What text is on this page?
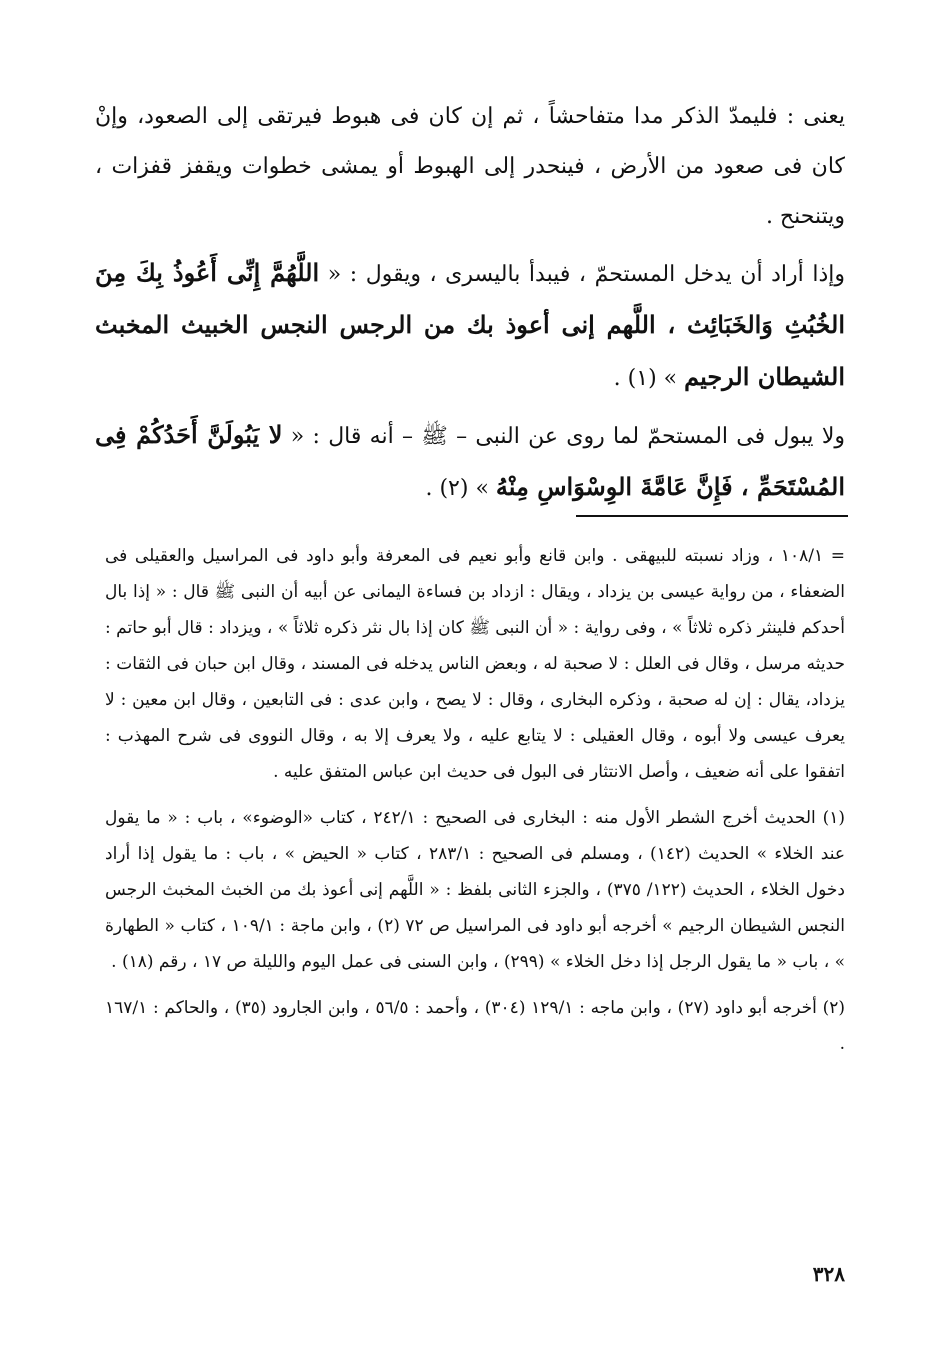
يعنى : فليمدّ الذكر مدا متفاحشاً ، ثم إن كان فى هبوط فيرتقى إلى الصعود، وإنْ كان فى صعود من الأرض ، فينحدر إلى الهبوط أو يمشى خطوات ويقفز قفزات ، ويتنحنح .

وإذا أراد أن يدخل المستحمّ ، فيبدأ باليسرى ، ويقول : « اللَّهُمَّ إِنِّى أَعُوذُ بِكَ مِنَ الخُبُثِ وَالخَبَائِث ، اللَّهم إنى أعوذ بك من الرجس النجس الخبيث المخبث الشيطان الرجيم » (١) .

ولا يبول فى المستحمّ لما روى عن النبى – ﷺ – أنه قال : « لا يَبُولَنَّ أَحَدُكُمْ فِى المُسْتَحَمِّ ، فَإِنَّ عَامَّةَ الوِسْوَاسِ مِنْهُ » (٢) .

= ١٠٨/١ ، وزاد نسبته للبيهقى . وابن قانع وأبو نعيم فى المعرفة وأبو داود فى المراسيل والعقيلى فى الضعفاء ، من رواية عيسى بن يزداد ، ويقال : ازداد بن فساءة اليمانى عن أبيه أن النبى ﷺ قال : « إذا بال أحدكم فلينثر ذكره ثلاثاً » ، وفى رواية : « أن النبى ﷺ كان إذا بال نثر ذكره ثلاثاً » ، ويزداد : قال أبو حاتم : حديثه مرسل ، وقال فى العلل : لا صحبة له ، وبعض الناس يدخله فى المسند ، وقال ابن حبان فى الثقات : يزداد، يقال : إن له صحبة ، وذكره البخارى ، وقال : لا يصح ، وابن عدى : فى التابعين ، وقال ابن معين : لا يعرف عيسى ولا أبوه ، وقال العقيلى : لا يتابع عليه ، ولا يعرف إلا به ، وقال النووى فى شرح المهذب : اتفقوا على أنه ضعيف ، وأصل الانتثار فى البول فى حديث ابن عباس المتفق عليه .

(١) الحديث أخرج الشطر الأول منه : البخارى فى الصحيح : ٢٤٢/١ ، كتاب «الوضوء» ، باب : « ما يقول عند الخلاء » الحديث (١٤٢) ، ومسلم فى الصحيح : ٢٨٣/١ ، كتاب « الحيض » ، باب : ما يقول إذا أراد دخول الخلاء ، الحديث (١٢٢/ ٣٧٥) ، والجزء الثانى بلفظ : « اللَّهم إنى أعوذ بك من الخبث المخبث الرجس النجس الشيطان الرجيم » أخرجه أبو داود فى المراسيل ص ٧٢ (٢) ، وابن ماجة : ١٠٩/١ ، كتاب « الطهارة » ، باب « ما يقول الرجل إذا دخل الخلاء » (٢٩٩) ، وابن السنى فى عمل اليوم والليلة ص ١٧ ، رقم (١٨) .

(٢) أخرجه أبو داود (٢٧) ، وابن ماجه : ١٢٩/١ (٣٠٤) ، وأحمد : ٥٦/٥ ، وابن الجارود (٣٥) ، والحاكم : ١٦٧/١ .

٣٢٨
